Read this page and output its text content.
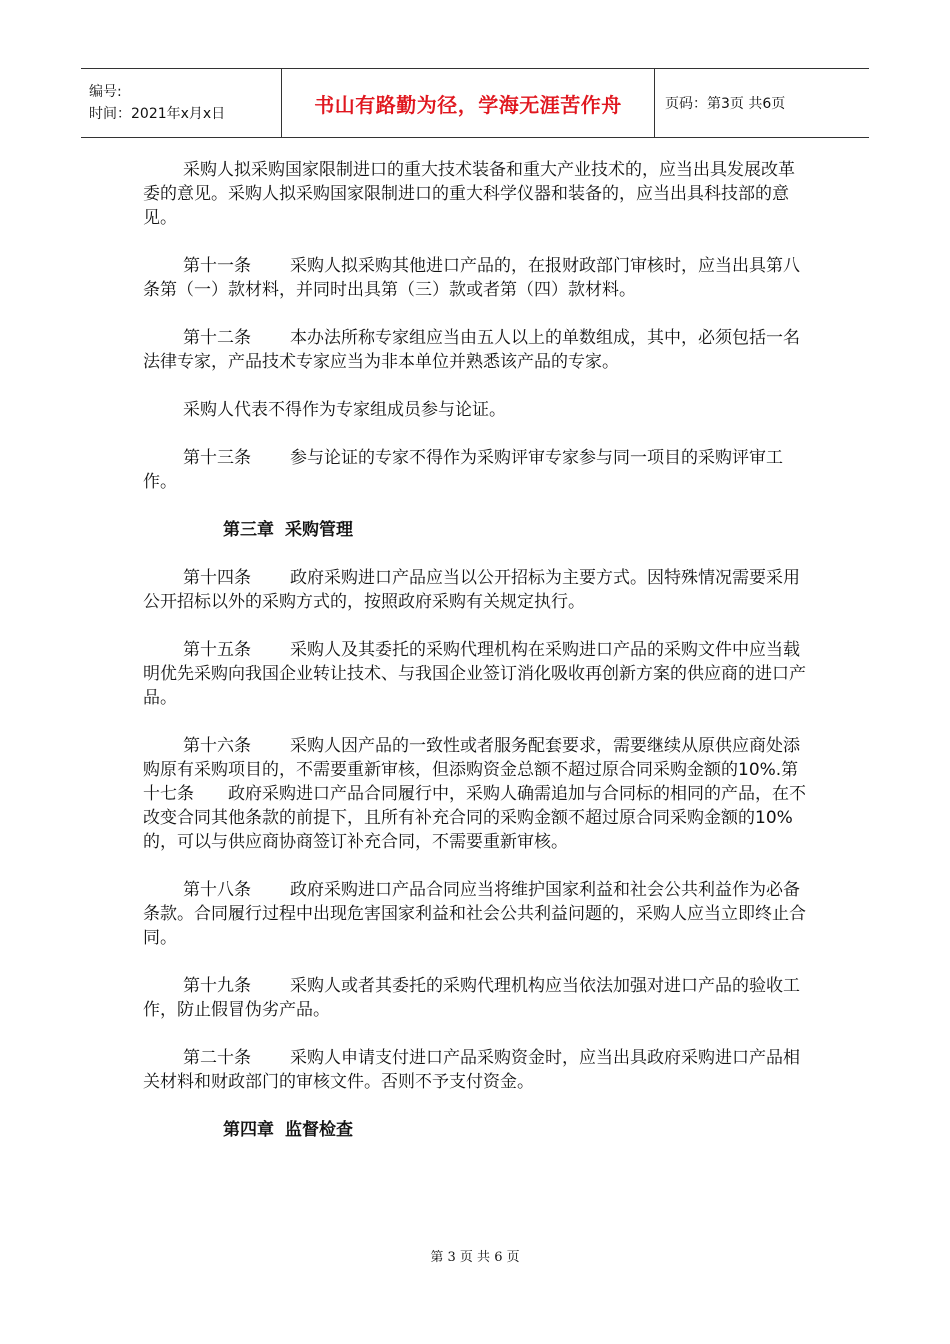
编号:
时间：2021年x月x日	书山有路勤为径，学海无涯苦作舟	页码：第3页 共6页

采购人拟采购国家限制进口的重大技术装备和重大产业技术的，应当出具发展改革委的意见。采购人拟采购国家限制进口的重大科学仪器和装备的，应当出具科技部的意见。

第十一条 采购人拟采购其他进口产品的，在报财政部门审核时，应当出具第八条第（一）款材料，并同时出具第（三）款或者第（四）款材料。

第十二条 本办法所称专家组应当由五人以上的单数组成，其中，必须包括一名法律专家，产品技术专家应当为非本单位并熟悉该产品的专家。

采购人代表不得作为专家组成员参与论证。

第十三条 参与论证的专家不得作为采购评审专家参与同一项目的采购评审工作。

第三章 采购管理

第十四条 政府采购进口产品应当以公开招标为主要方式。因特殊情况需要采用公开招标以外的采购方式的，按照政府采购有关规定执行。

第十五条 采购人及其委托的采购代理机构在采购进口产品的采购文件中应当载明优先采购向我国企业转让技术、与我国企业签订消化吸收再创新方案的供应商的进口产品。

第十六条 采购人因产品的一致性或者服务配套要求，需要继续从原供应商处添购原有采购项目的，不需要重新审核，但添购资金总额不超过原合同采购金额的10%.第十七条　　政府采购进口产品合同履行中，采购人确需追加与合同标的相同的产品，在不改变合同其他条款的前提下，且所有补充合同的采购金额不超过原合同采购金额的10%的，可以与供应商协商签订补充合同，不需要重新审核。

第十八条 政府采购进口产品合同应当将维护国家利益和社会公共利益作为必备条款。合同履行过程中出现危害国家利益和社会公共利益问题的，采购人应当立即终止合同。

第十九条 采购人或者其委托的采购代理机构应当依法加强对进口产品的验收工作，防止假冒伪劣产品。

第二十条 采购人申请支付进口产品采购资金时，应当出具政府采购进口产品相关材料和财政部门的审核文件。否则不予支付资金。

第四章 监督检查

第 3 页 共 6 页
